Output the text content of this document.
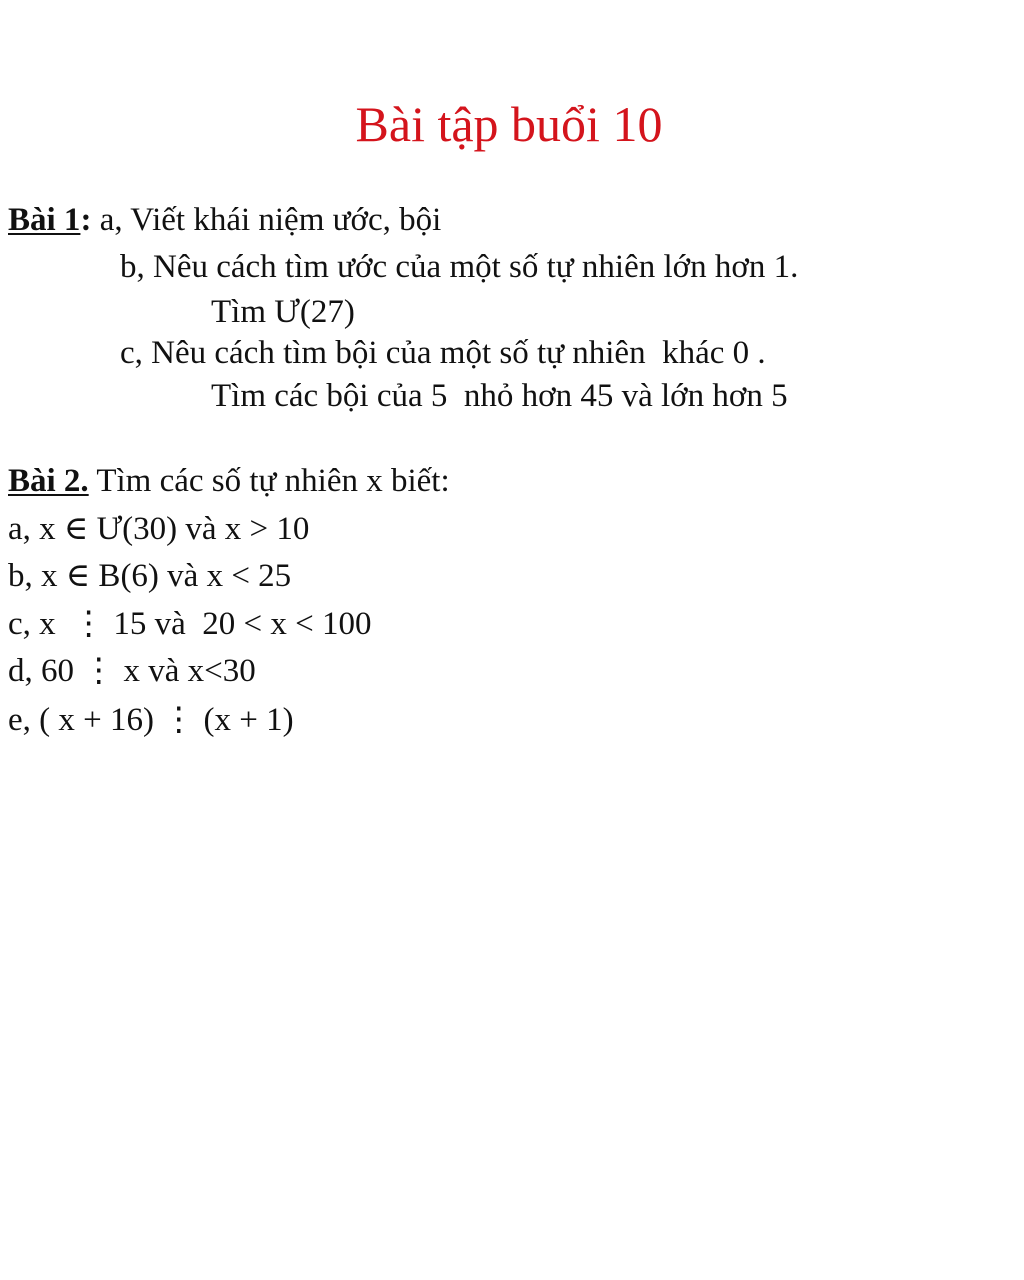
Bài tập buổi 10
Bài 1: a, Viết khái niệm ước, bội
b, Nêu cách tìm ước của một số tự nhiên lớn hơn 1.
Tìm Ư(27)
c, Nêu cách tìm bội của một số tự nhiên  khác 0 .
Tìm các bội của 5  nhỏ hơn 45 và lớn hơn 5
Bài 2. Tìm các số tự nhiên x biết:
a, x ∈ Ư(30) và x > 10
b, x ∈ B(6) và x < 25
c, x  ⋮ 15 và  20 < x < 100
d, 60 ⋮ x và x<30
e, ( x + 16) ⋮ (x + 1)
